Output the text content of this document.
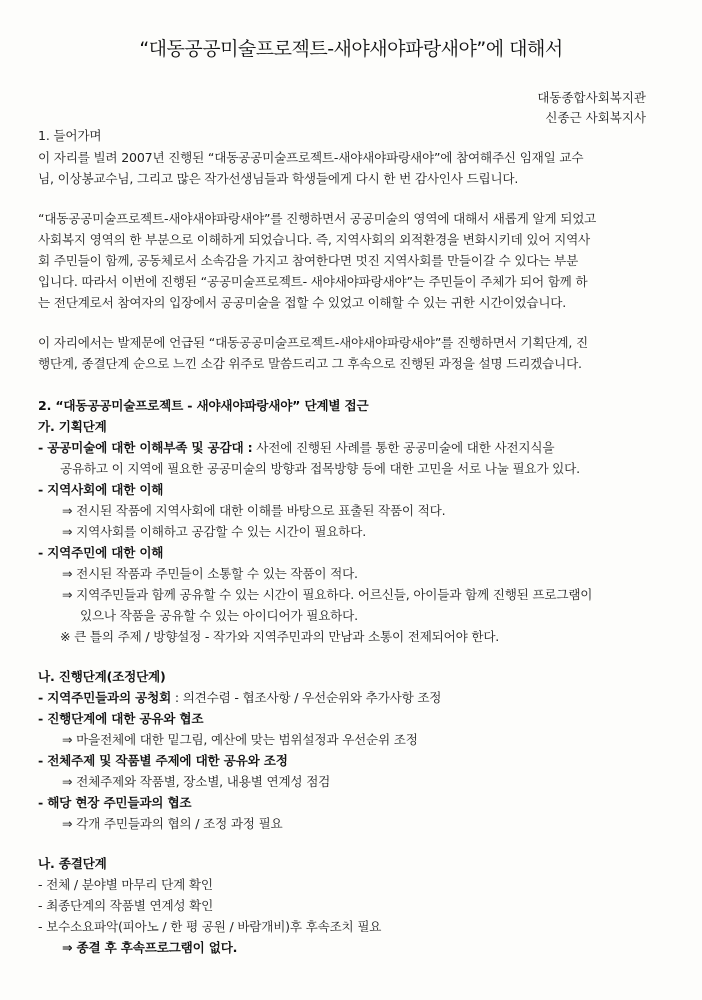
“대동공공미술프로젝트-새야새야파랑새야”에 대해서
대동종합사회복지관
신종근 사회복지사
1. 들어가며
이 자리를 빌려 2007년 진행된 “대동공공미술프로젝트-새야새야파랑새야”에 참여해주신 임재일 교수
님, 이상봉교수님, 그리고 많은 작가선생님들과 학생들에게 다시 한 번 감사인사 드립니다.
“대동공공미술프로젝트-새야새야파랑새야”를 진행하면서 공공미술의 영역에 대해서 새롭게 알게 되었고
사회복지 영역의 한 부분으로 이해하게 되었습니다. 즉, 지역사회의 외적환경을 변화시키데 있어 지역사
회 주민들이 함께, 공동체로서 소속감을 가지고 참여한다면 멋진 지역사회를 만들이갈 수 있다는 부분
입니다. 따라서 이번에 진행된 “공공미술프로젝트- 새야새야파랑새야”는 주민들이 주체가 되어 함께 하
는 전단계로서 참여자의 입장에서 공공미술을 접할 수 있었고 이해할 수 있는 귀한 시간이었습니다.
이 자리에서는 발제문에 언급된 “대동공공미술프로젝트-새야새야파랑새야”를 진행하면서 기획단계, 진
행단계, 종결단계 순으로 느낀 소감 위주로 말씀드리고 그 후속으로 진행된 과정을 설명 드리겠습니다.
2. “대동공공미술프로젝트 - 새야새야파랑새야” 단계별 접근
가. 기획단계
- 공공미술에 대한 이해부족 및 공감대 : 사전에 진행된 사례를 통한 공공미술에 대한 사전지식을
공유하고 이 지역에 필요한 공공미술의 방향과 접목방향 등에 대한 고민을 서로 나눌 필요가 있다.
- 지역사회에 대한 이해
⇒ 전시된 작품에 지역사회에 대한 이해를 바탕으로 표출된 작품이 적다.
⇒ 지역사회를 이해하고 공감할 수 있는 시간이 필요하다.
- 지역주민에 대한 이해
⇒ 전시된 작품과 주민들이 소통할 수 있는 작품이 적다.
⇒ 지역주민들과 함께 공유할 수 있는 시간이 필요하다. 어르신들, 아이들과 함께 진행된 프로그램이
있으나 작품을 공유할 수 있는 아이디어가 필요하다.
※ 큰 틀의 주제 / 방향설정 - 작가와 지역주민과의 만남과 소통이 전제되어야 한다.
나. 진행단계(조정단계)
- 지역주민들과의 공청회 : 의견수렴 - 협조사항 / 우선순위와 추가사항 조정
- 진행단계에 대한 공유와 협조
⇒ 마을전체에 대한 밑그림, 예산에 맞는 범위설정과 우선순위 조정
- 전체주제 및 작품별 주제에 대한 공유와 조정
⇒ 전체주제와 작품별, 장소별, 내용별 연계성 점검
- 해당 현장 주민들과의 협조
⇒ 각개 주민들과의 협의 / 조정 과정 필요
나. 종결단계
- 전체 / 분야별 마무리 단계 확인
- 최종단계의 작품별 연계성 확인
- 보수소요파악(피아노 / 한 평 공원 / 바람개비)후 후속조치 필요
⇒ 종결 후 후속프로그램이 없다.
